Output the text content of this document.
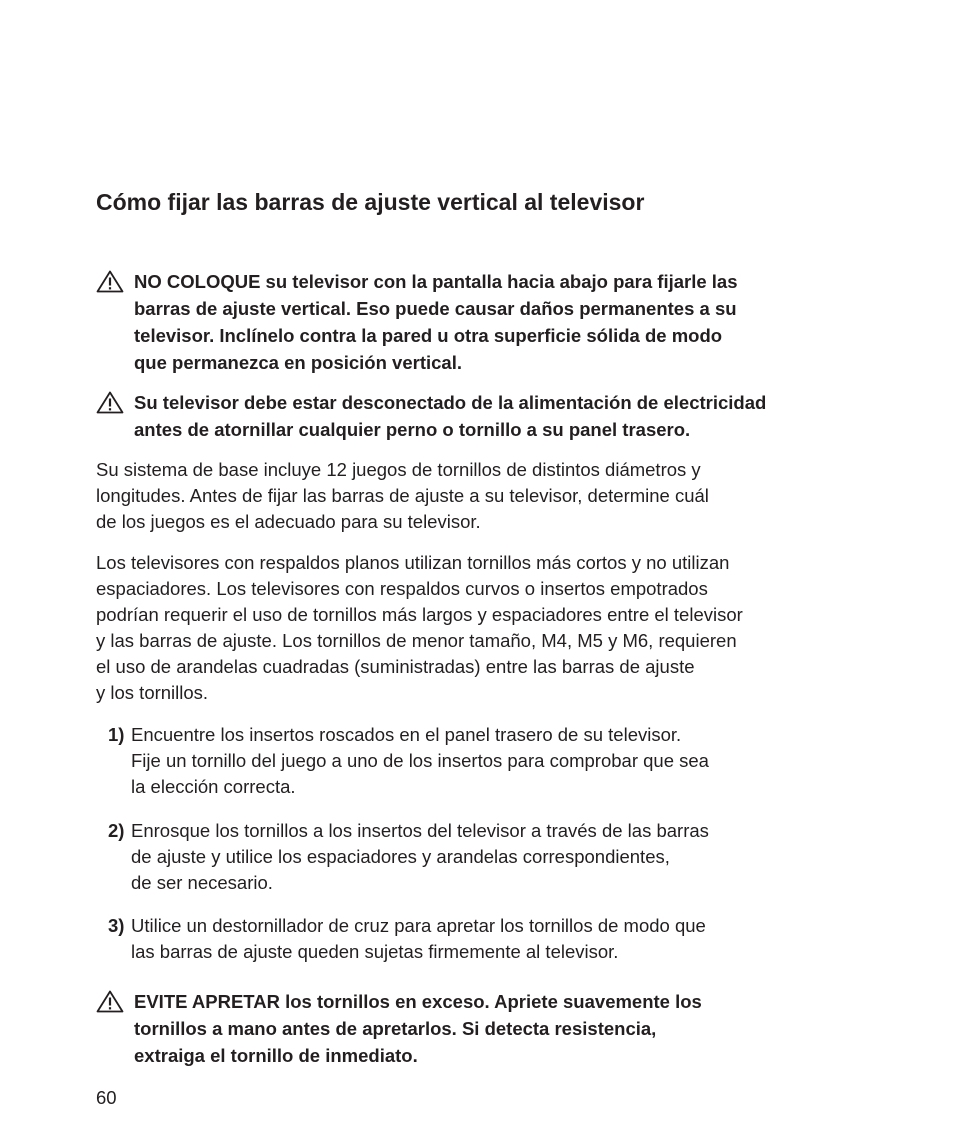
Cómo fijar las barras de ajuste vertical al televisor
NO COLOQUE su televisor con la pantalla hacia abajo para fijarle las
barras de ajuste vertical. Eso puede causar daños permanentes a su
televisor. Inclínelo contra la pared u otra superficie sólida de modo
que permanezca en posición vertical.
Su televisor debe estar desconectado de la alimentación de electricidad
antes de atornillar cualquier perno o tornillo a su panel trasero.
Su sistema de base incluye 12 juegos de tornillos de distintos diámetros y
longitudes. Antes de fijar las barras de ajuste a su televisor, determine cuál
de los juegos es el adecuado para su televisor.
Los televisores con respaldos planos utilizan tornillos más cortos y no utilizan
espaciadores. Los televisores con respaldos curvos o insertos empotrados
podrían requerir el uso de tornillos más largos y espaciadores entre el televisor
y las barras de ajuste. Los tornillos de menor tamaño, M4, M5 y M6, requieren
el uso de arandelas cuadradas (suministradas) entre las barras de ajuste
y los tornillos.
1) Encuentre los insertos roscados en el panel trasero de su televisor.
Fije un tornillo del juego a uno de los insertos para comprobar que sea
la elección correcta.
2) Enrosque los tornillos a los insertos del televisor a través de las barras
de ajuste y utilice los espaciadores y arandelas correspondientes,
de ser necesario.
3) Utilice un destornillador de cruz para apretar los tornillos de modo que
las barras de ajuste queden sujetas firmemente al televisor.
EVITE APRETAR los tornillos en exceso. Apriete suavemente los
tornillos a mano antes de apretarlos. Si detecta resistencia,
extraiga el tornillo de inmediato.
60
